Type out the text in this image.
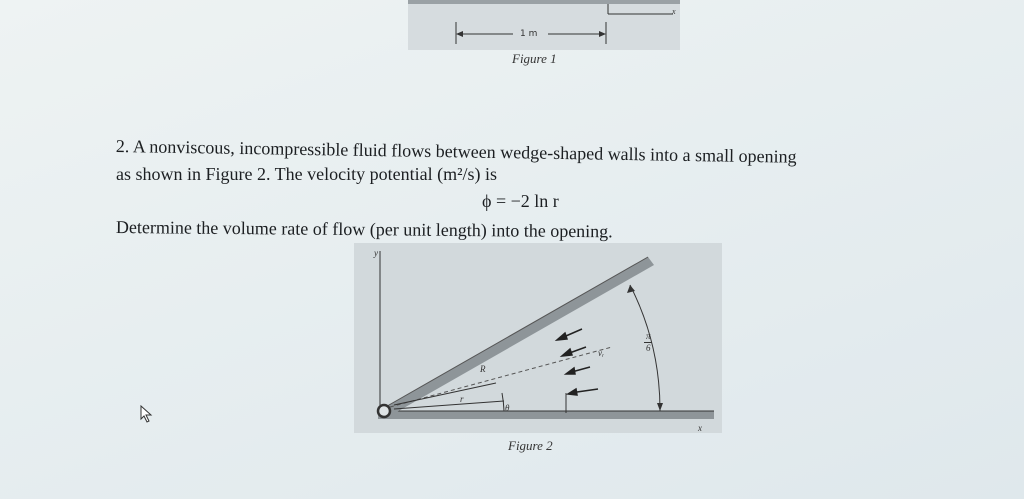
x
1 m
Figure 1
2. A nonviscous, incompressible fluid flows between wedge-shaped walls into a small opening
as shown in Figure 2. The velocity potential (m²/s) is
ϕ = −2 ln r
Determine the volume rate of flow (per unit length) into the opening.
y
x
R
r
θ
vᵣ
π
6
Figure 2
